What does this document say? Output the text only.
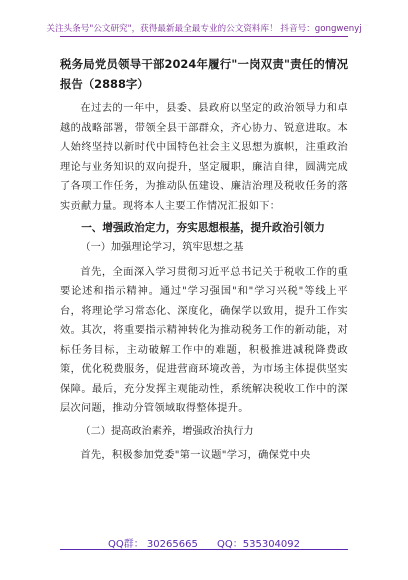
关注头条号"公文研究"，获得最新最全最专业的公文资料库！ 抖音号：gongwenyj

税务局党员领导干部2024年履行"一岗双责"责任的情况报告（2888字）

在过去的一年中，县委、县政府以坚定的政治领导力和卓越的战略部署，带领全县干部群众，齐心协力、锐意进取。本人始终坚持以新时代中国特色社会主义思想为旗帜，注重政治理论与业务知识的双向提升，坚定履职，廉洁自律，圆满完成了各项工作任务，为推动队伍建设、廉洁治理及税收任务的落实贡献力量。现将本人主要工作情况汇报如下：

一、增强政治定力，夯实思想根基，提升政治引领力

（一）加强理论学习，筑牢思想之基

首先，全面深入学习贯彻习近平总书记关于税收工作的重要论述和指示精神。通过"学习强国"和"学习兴税"等线上平台，将理论学习常态化、深度化，确保学以致用，提升工作实效。其次，将重要指示精神转化为推动税务工作的新动能，对标任务目标，主动破解工作中的难题，积极推进减税降费政策，优化税费服务，促进营商环境改善，为市场主体提供坚实保障。最后，充分发挥主观能动性，系统解决税收工作中的深层次问题，推动分管领域取得整体提升。

（二）提高政治素养，增强政治执行力

首先，积极参加党委"第一议题"学习，确保党中央

QQ群： 30265665 QQ：535304092
